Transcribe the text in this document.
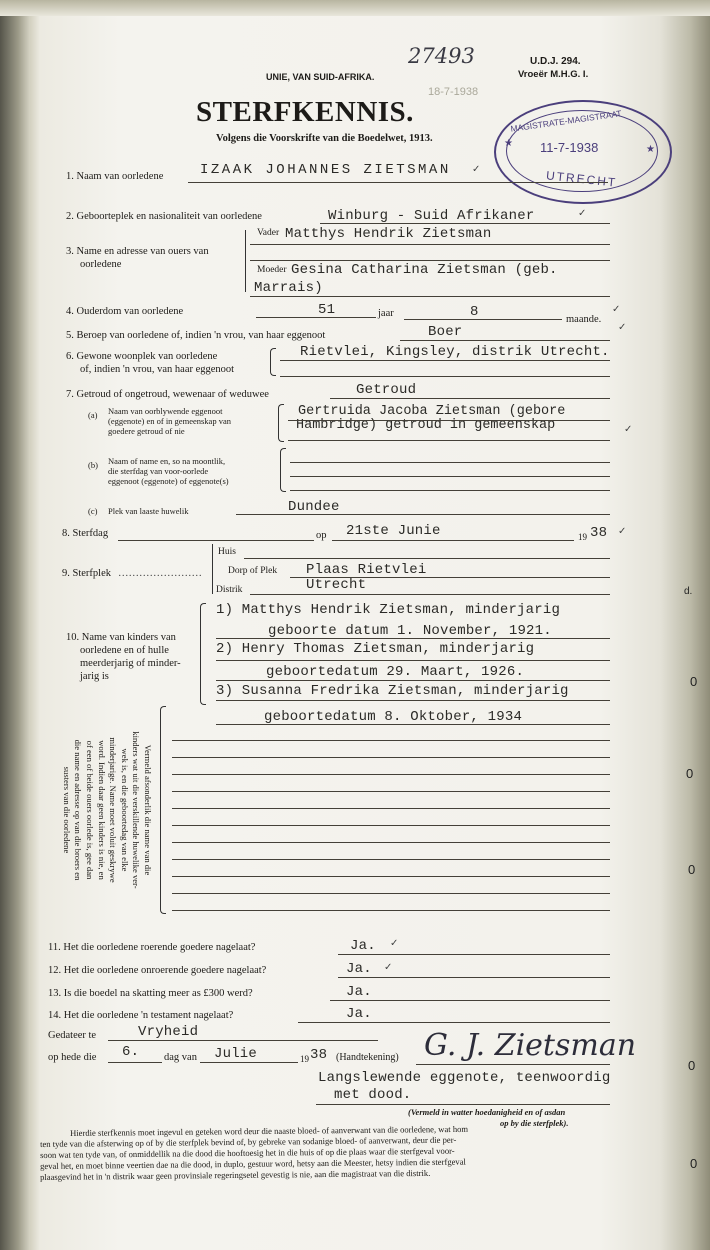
UNIE, VAN SUID-AFRIKA.
U.D.J. 294.
Vroeër M.H.G. I.
27493
18-7-1938
STERFKENNIS.
Volgens die Voorskrifte van die Boedelwet, 1913.
MAGISTRATE-MAGISTRAAT
11-7-1938
UTRECHT
★
★
1. Naam van oorledene	IZAAK JOHANNES ZIETSMAN
2. Geboorteplek en nasionaliteit van oorledene	Winburg - Suid Afrikaner
3. Name en adresse van ouers van
oorledene
Vader Matthys Hendrik Zietsman
Moeder Gesina Catharina Zietsman (geb.
Marrais)
4. Ouderdom van oorledene	51	jaar	8	maande.
5. Beroep van oorledene of, indien 'n vrou, van haar eggenoot	Boer
6. Gewone woonplek van oorledene
of, indien 'n vrou, van haar eggenoot
Rietvlei, Kingsley, distrik Utrecht.
7. Getroud of ongetroud, wewenaar of weduwee	Getroud
(a) Naam van oorblywende eggenoot
(eggenote) en of in gemeenskap van
goedere getroud of nie
Gertruida Jacoba Zietsman (gebore
Hambridge) getroud in gemeenskap
(b) Naam of name en, so na moontlik,
die sterfdag van voor-oorlede
eggenoot (eggenote) of eggenote(s)
(c) Plek van laaste huwelik	Dundee
8. Sterfdag	op 21ste Junie	19 38
9. Sterfplek ……………………
Huis
Dorp of Plek Plaas Rietvlei
Distrik	Utrecht
10. Name van kinders van
oorledene en of hulle
meerderjarig of minder-
jarig is
1) Matthys Hendrik Zietsman, minderjarig
geboorte datum 1. November, 1921.
2) Henry Thomas Zietsman, minderjarig
geboortedatum 29. Maart, 1926.
3) Susanna Fredrika Zietsman, minderjarig
geboortedatum 8. Oktober, 1934
Vermeld afsonderlik die name van die
kinders wat uit die verskillende huwelike ver-
wek is, en die geboortedag van elke
minderjarige. Name moet voluit geskrywe
word. Indien daar geen kinders is nie, en
of een of beide ouers oorlede is, gee dan
die name en adresse op van die broers en
susters van die oorledene
11. Het die oorledene roerende goedere nagelaat?	Ja.
12. Het die oorledene onroerende goedere nagelaat?	Ja.
13. Is die boedel na skatting meer as £300 werd?	Ja.
14. Het die oorledene 'n testament nagelaat?	Ja.
Gedateer te	Vryheid
op hede die 6. dag van Julie	19 38 (Handtekening) G. J. Zietsman
Langslewende eggenote, teenwoordig
met dood.
(Vermeld in watter hoedanigheid en of asdan
op by die sterfplek).
Hierdie sterfkennis moet ingevul en geteken word deur die naaste bloed- of aanverwant van die oorledene, wat hom
ten tyde van die afsterwing op of by die sterfplek bevind of, by gebreke van sodanige bloed- of aanverwant, deur die per-
soon wat ten tyde van, of onmiddellik na die dood die hooftoesig het in die huis of op die plaas waar die sterfgeval voor-
geval het, en moet binne veertien dae na die dood, in duplo, gestuur word, hetsy aan die Meester, hetsy indien die sterfgeval
plaasgevind het in 'n distrik waar geen provinsiale regeringsetel gevestig is nie, aan die magistraat van die distrik.
✓
✓
✓
✓
✓
✓
✓
✓
d.
0
0
0
0
0
